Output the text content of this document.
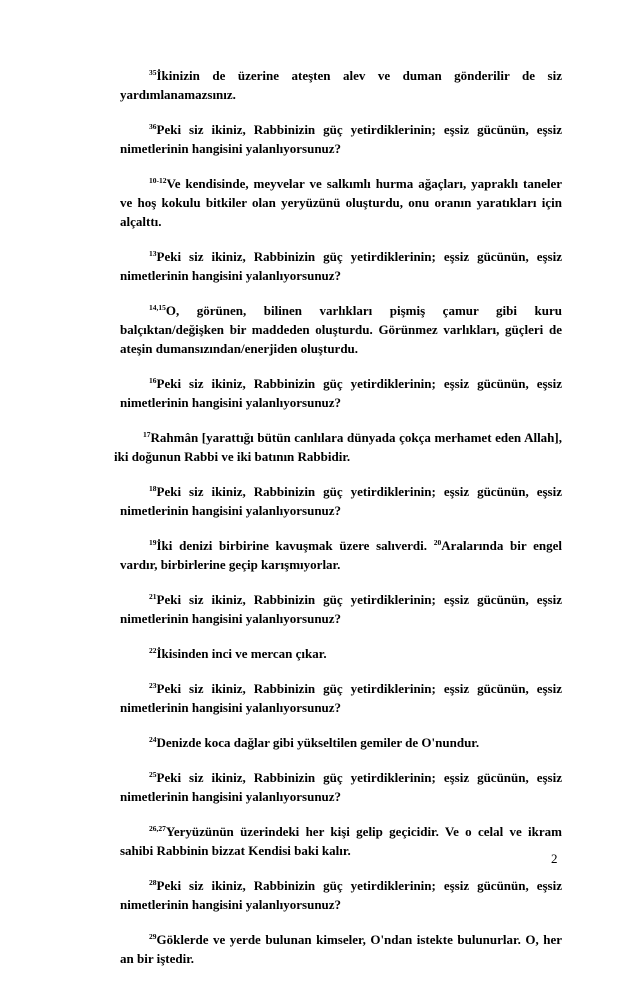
$^{35}$İkinizin de üzerine ateşten alev ve duman gönderilir de siz yardımlanamazsınız.

$^{36}$Peki siz ikiniz, Rabbinizin güç yetirdiklerinin; eşsiz gücünün, eşsiz nimetlerinin hangisini yalanlıyorsunuz?

$^{10-12}$Ve kendisinde, meyvelar ve salkımlı hurma ağaçları, yapraklı taneler ve hoş kokulu bitkiler olan yeryüzünü oluşturdu, onu oranın yaratıkları için alçalttı.

$^{13}$Peki siz ikiniz, Rabbinizin güç yetirdiklerinin; eşsiz gücünün, eşsiz nimetlerinin hangisini yalanlıyorsunuz?

$^{14,15}$O, görünen, bilinen varlıkları pişmiş çamur gibi kuru balçıktan/değişken bir maddeden oluşturdu. Görünmez varlıkları, güçleri de ateşin dumansızından/enerjiden oluşturdu.

$^{16}$Peki siz ikiniz, Rabbinizin güç yetirdiklerinin; eşsiz gücünün, eşsiz nimetlerinin hangisini yalanlıyorsunuz?

$^{17}$Rahmân [yarattığı bütün canlılara dünyada çokça merhamet eden Allah], iki doğunun Rabbi ve iki batının Rabbidir.

$^{18}$Peki siz ikiniz, Rabbinizin güç yetirdiklerinin; eşsiz gücünün, eşsiz nimetlerinin hangisini yalanlıyorsunuz?

$^{19}$İki denizi birbirine kavuşmak üzere salıverdi. $^{20}$Aralarında bir engel vardır, birbirlerine geçip karışmıyorlar.

$^{21}$Peki siz ikiniz, Rabbinizin güç yetirdiklerinin; eşsiz gücünün, eşsiz nimetlerinin hangisini yalanlıyorsunuz?

$^{22}$İkisinden inci ve mercan çıkar.

$^{23}$Peki siz ikiniz, Rabbinizin güç yetirdiklerinin; eşsiz gücünün, eşsiz nimetlerinin hangisini yalanlıyorsunuz?

$^{24}$Denizde koca dağlar gibi yükseltilen gemiler de O'nundur.

$^{25}$Peki siz ikiniz, Rabbinizin güç yetirdiklerinin; eşsiz gücünün, eşsiz nimetlerinin hangisini yalanlıyorsunuz?

$^{26,27}$Yeryüzünün üzerindeki her kişi gelip geçicidir. Ve o celal ve ikram sahibi Rabbinin bizzat Kendisi baki kalır.

$^{28}$Peki siz ikiniz, Rabbinizin güç yetirdiklerinin; eşsiz gücünün, eşsiz nimetlerinin hangisini yalanlıyorsunuz?

$^{29}$Göklerde ve yerde bulunan kimseler, O'ndan istekte bulunurlar. O, her an bir iştedir.

2
